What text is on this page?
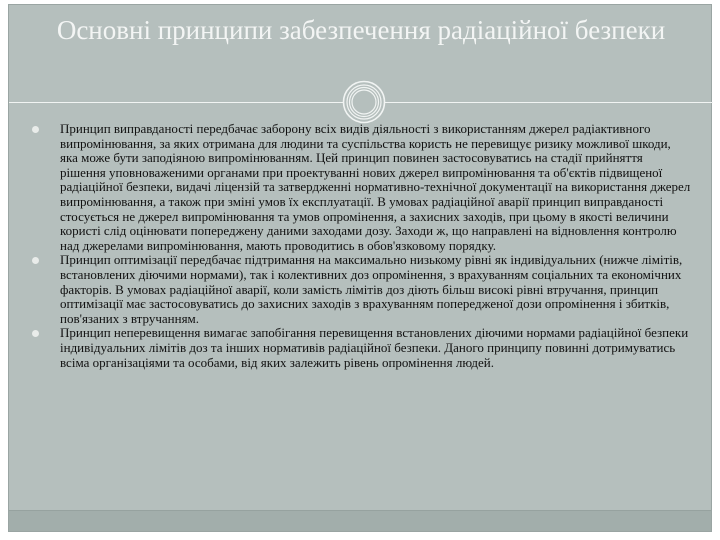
Основні принципи забезпечення радіаційної безпеки
Принцип виправданості передбачає заборону всіх видів діяльності з використанням джерел радіактивного випромінювання, за яких отримана для людини та суспільства користь не перевищує ризику можливої шкоди, яка може бути заподіяною випромінюванням. Цей принцип повинен застосовуватись на стадії прийняття рішення уповноваженими органами при проектуванні нових джерел випромінювання та об'єктів підвищеної радіаційної безпеки, видачі ліцензій та затвердженні нормативно-технічної документації на використання джерел випромінювання, а також при зміні умов їх експлуатації. В умовах радіаційної аварії принцип виправданості стосується не джерел випромінювання та умов опромінення, а захисних заходів, при цьому в якості величини користі слід оцінювати попереджену даними заходами дозу. Заходи ж, що направлені на відновлення контролю над джерелами випромінювання, мають проводитись в обов'язковому порядку.
Принцип оптимізації передбачає підтримання на максимально низькому рівні як індивідуальних (нижче лімітів, встановлених діючими нормами), так і колективних доз опромінення, з врахуванням соціальних та економічних факторів. В умовах радіаційної аварії, коли замість лімітів доз діють більш високі рівні втручання, принцип оптимізації має застосовуватись до захисних заходів з врахуванням попередженої дози опромінення і збитків, пов'язаних з втручанням.
Принцип неперевищення вимагає запобігання перевищення встановлених діючими нормами радіаційної безпеки індивідуальних лімітів доз та інших нормативів радіаційної безпеки. Даного принципу повинні дотримуватись всіма організаціями та особами, від яких залежить рівень опромінення людей.
